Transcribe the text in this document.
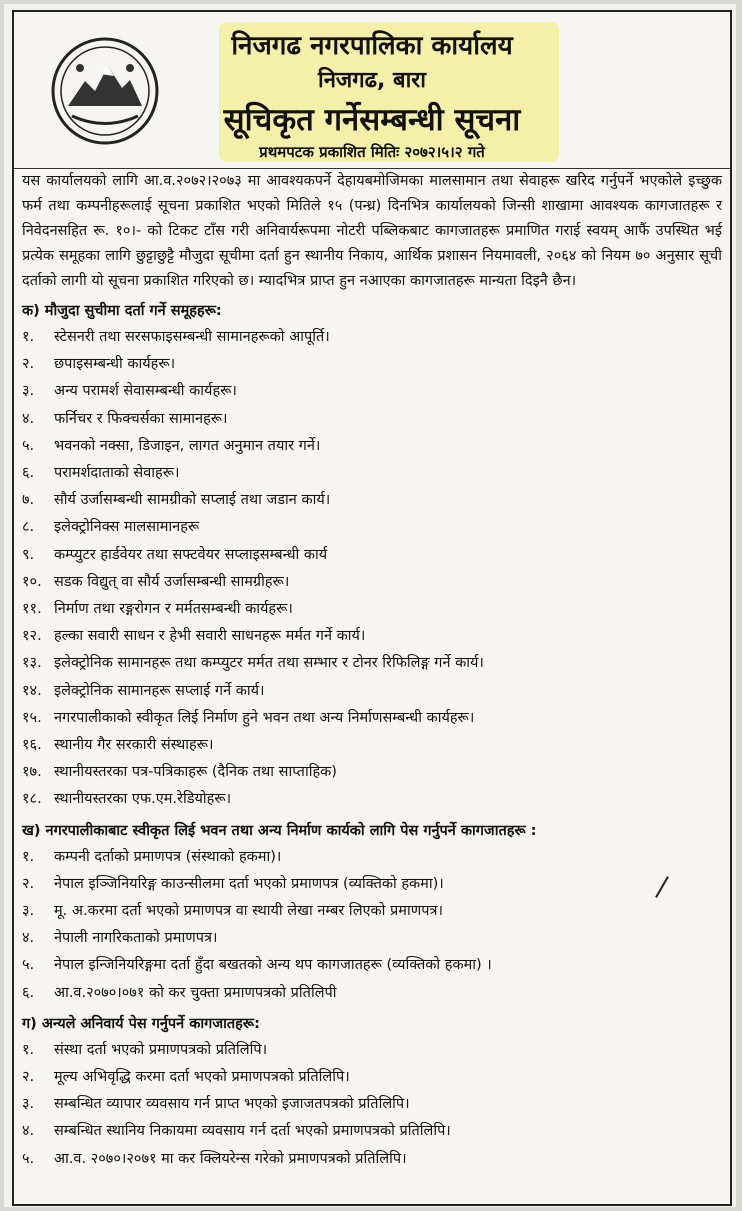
निजगढ नगरपालिका कार्यालय
निजगढ, बारा
सूचिकृत गर्नेसम्बन्धी सूचना
प्रथमपटक प्रकाशित मितिः २०७२।५।२ गते
यस कार्यालयको लागि आ.व.२०७२।२०७३ मा आवश्यकपर्ने देहायबमोजिमका मालसामान तथा सेवाहरू खरिद गर्नुपर्ने भएकोले इच्छुक फर्म तथा कम्पनीहरूलाई सूचना प्रकाशित भएको मितिले १५ (पन्ध्र) दिनभित्र कार्यालयको जिन्सी शाखामा आवश्यक कागजातहरू र निवेदनसहित रू. १०।- को टिकट टाँस गरी अनिवार्यरूपमा नोटरी पब्लिकबाट कागजातहरू प्रमाणित गराई स्वयम् आफैं उपस्थित भई प्रत्येक समूहका लागि छुट्टाछुट्टै मौजुदा सूचीमा दर्ता हुन स्थानीय निकाय, आर्थिक प्रशासन नियमावली, २०६४ को नियम ७० अनुसार सूची दर्ताको लागी यो सूचना प्रकाशित गरिएको छ। म्यादभित्र प्राप्त हुन नआएका कागजातहरू मान्यता दिइनै छैन।
क) मौजुदा सुचीमा दर्ता गर्ने समूहहरू:
१.	स्टेसनरी तथा सरसफाइसम्बन्धी सामानहरूको आपूर्ति।
२.	छपाइसम्बन्धी कार्यहरू।
३.	अन्य परामर्श सेवासम्बन्धी कार्यहरू।
४.	फर्निचर र फिक्चर्सका सामानहरू।
५.	भवनको नक्सा, डिजाइन, लागत अनुमान तयार गर्ने।
६.	परामर्शदाताको सेवाहरू।
७.	सौर्य उर्जासम्बन्धी सामग्रीको सप्लाई तथा जडान कार्य।
८.	इलेक्ट्रोनिक्स मालसामानहरू
९.	कम्प्युटर हार्डवेयर तथा सफ्टवेयर सप्लाइसम्बन्धी कार्य
१०. सडक विद्युत् वा सौर्य उर्जासम्बन्धी सामग्रीहरू।
११. निर्माण तथा रङ्गरोगन र मर्मतसम्बन्धी कार्यहरू।
१२. हल्का सवारी साधन र हेभी सवारी साधनहरू मर्मत गर्ने कार्य।
१३. इलेक्ट्रोनिक सामानहरू तथा कम्प्युटर मर्मत तथा सम्भार र टोनर रिफिलिङ्ग गर्ने कार्य।
१४. इलेक्ट्रोनिक सामानहरू सप्लाई गर्ने कार्य।
१५. नगरपालीकाको स्वीकृत लिई निर्माण हुने भवन तथा अन्य निर्माणसम्बन्धी कार्यहरू।
१६. स्थानीय गैर सरकारी संस्थाहरू।
१७. स्थानीयस्तरका पत्र-पत्रिकाहरू (दैनिक तथा साप्ताहिक)
१८. स्थानीयस्तरका एफ.एम.रेडियोहरू।
ख) नगरपालीकाबाट स्वीकृत लिई भवन तथा अन्य निर्माण कार्यको लागि पेस गर्नुपर्ने कागजातहरू :
१.	कम्पनी दर्ताको प्रमाणपत्र (संस्थाको हकमा)।
२.	नेपाल इञ्जिनियरिङ्ग काउन्सीलमा दर्ता भएको प्रमाणपत्र (व्यक्तिको हकमा)।
३.	मू. अ.करमा दर्ता भएको प्रमाणपत्र वा स्थायी लेखा नम्बर लिएको प्रमाणपत्र।
४.	नेपाली नागरिकताको प्रमाणपत्र।
५.	नेपाल इन्जिनियरिङ्गमा दर्ता हुँदा बखतको अन्य थप कागजातहरू (व्यक्तिको हकमा) ।
६.	आ.व.२०७०।०७१ को कर चुक्ता प्रमाणपत्रको प्रतिलिपी
ग) अन्यले अनिवार्य पेस गर्नुपर्ने कागजातहरू:
१.	संस्था दर्ता भएको प्रमाणपत्रको प्रतिलिपि।
२.	मूल्य अभिवृद्धि करमा दर्ता भएको प्रमाणपत्रको प्रतिलिपि।
३.	सम्बन्धित व्यापार व्यवसाय गर्न प्राप्त भएको इजाजतपत्रको प्रतिलिपि।
४.	सम्बन्धित स्थानिय निकायमा व्यवसाय गर्न दर्ता भएको प्रमाणपत्रको प्रतिलिपि।
५.	आ.व. २०७०।२०७१ मा कर क्लियरेन्स गरेको प्रमाणपत्रको प्रतिलिपि।
